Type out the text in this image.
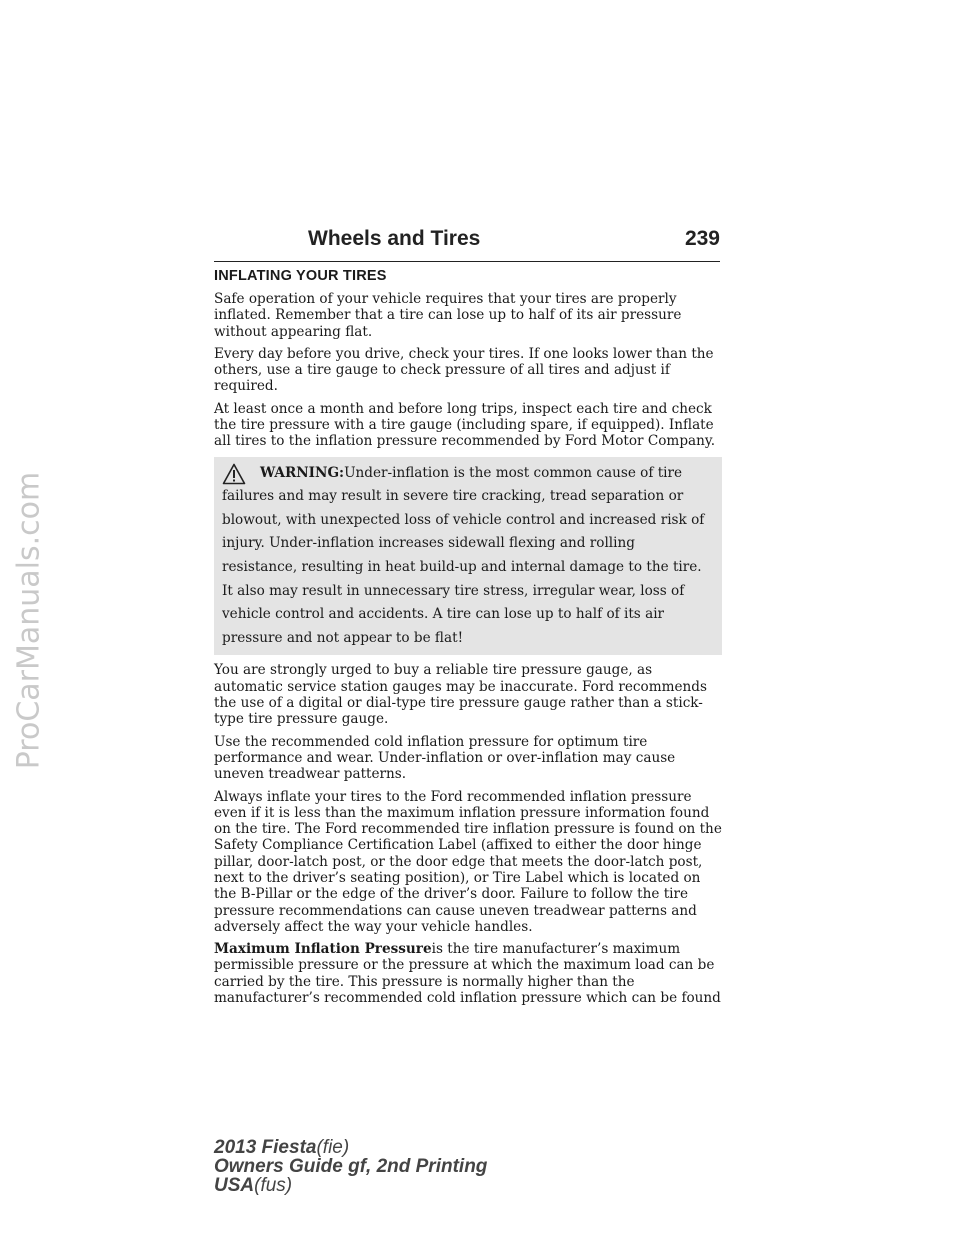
ProCarManuals.com
Wheels and Tires	239
INFLATING YOUR TIRES

Safe operation of your vehicle requires that your tires are properly inflated. Remember that a tire can lose up to half of its air pressure without appearing flat.

Every day before you drive, check your tires. If one looks lower than the others, use a tire gauge to check pressure of all tires and adjust if required.

At least once a month and before long trips, inspect each tire and check the tire pressure with a tire gauge (including spare, if equipped). Inflate all tires to the inflation pressure recommended by Ford Motor Company.

WARNING:Under-inflation is the most common cause of tire
failures and may result in severe tire cracking, tread separation or blowout, with unexpected loss of vehicle control and increased risk of injury. Under-inflation increases sidewall flexing and rolling resistance, resulting in heat build-up and internal damage to the tire. It also may result in unnecessary tire stress, irregular wear, loss of vehicle control and accidents. A tire can lose up to half of its air pressure and not appear to be flat!

You are strongly urged to buy a reliable tire pressure gauge, as automatic service station gauges may be inaccurate. Ford recommends the use of a digital or dial-type tire pressure gauge rather than a stick-type tire pressure gauge.

Use the recommended cold inflation pressure for optimum tire performance and wear. Under-inflation or over-inflation may cause uneven treadwear patterns.

Always inflate your tires to the Ford recommended inflation pressure even if it is less than the maximum inflation pressure information found on the tire. The Ford recommended tire inflation pressure is found on the Safety Compliance Certification Label (affixed to either the door hinge pillar, door-latch post, or the door edge that meets the door-latch post, next to the driver’s seating position), or Tire Label which is located on the B-Pillar or the edge of the driver’s door. Failure to follow the tire pressure recommendations can cause uneven treadwear patterns and adversely affect the way your vehicle handles.

Maximum Inflation Pressureis the tire manufacturer’s maximum permissible pressure or the pressure at which the maximum load can be carried by the tire. This pressure is normally higher than the manufacturer’s recommended cold inflation pressure which can be found

2013 Fiesta(fie)
Owners Guide gf, 2nd Printing
USA(fus)
